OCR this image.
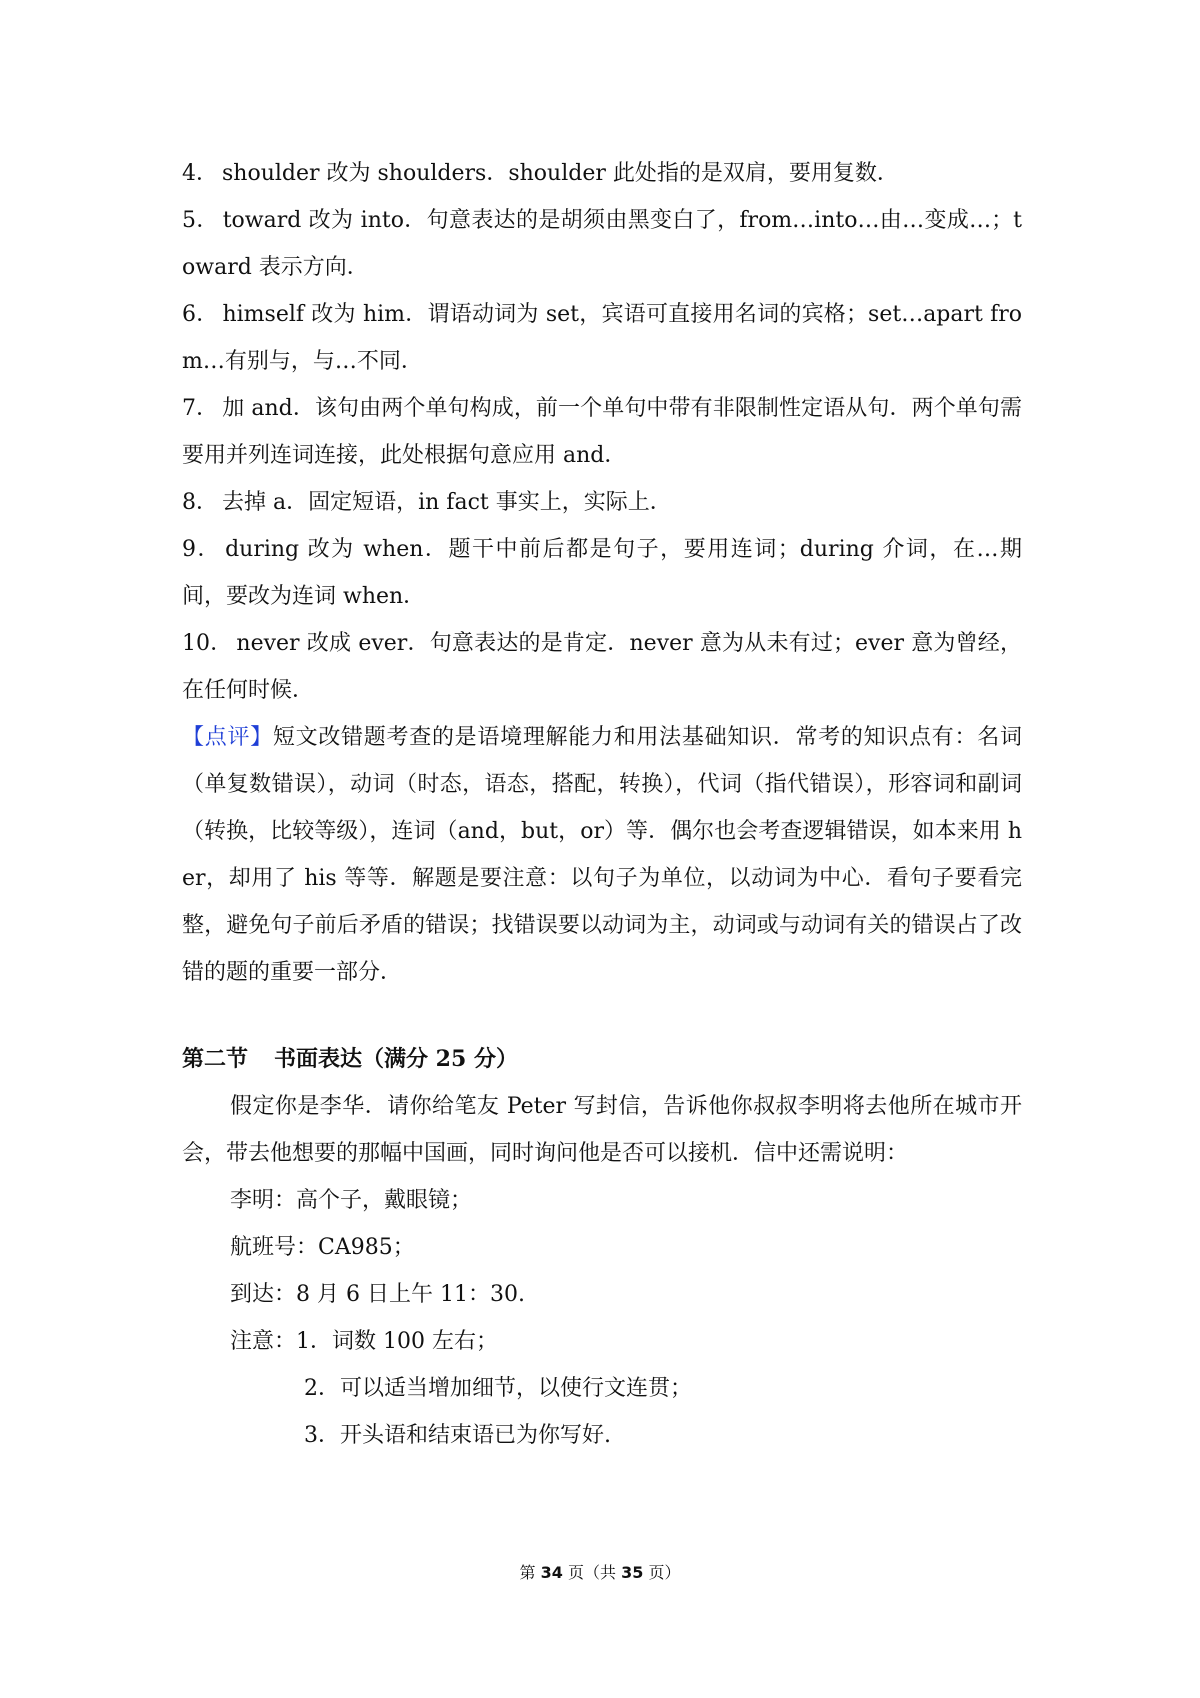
4． shoulder 改为 shoulders．shoulder 此处指的是双肩，要用复数．

5． toward 改为 into．句意表达的是胡须由黑变白了，from…into…由…变成…；toward 表示方向．

6． himself 改为 him．谓语动词为 set，宾语可直接用名词的宾格；set…apart from…有别与，与…不同．

7． 加 and．该句由两个单句构成，前一个单句中带有非限制性定语从句．两个单句需要用并列连词连接，此处根据句意应用 and．

8． 去掉 a．固定短语，in fact 事实上，实际上．

9． during 改为 when．题干中前后都是句子，要用连词；during 介词，在…期间，要改为连词 when．

10． never 改成 ever．句意表达的是肯定．never 意为从未有过；ever 意为曾经，在任何时候．

【点评】短文改错题考查的是语境理解能力和用法基础知识．常考的知识点有：名词（单复数错误），动词（时态，语态，搭配，转换），代词（指代错误），形容词和副词（转换，比较等级），连词（and，but，or）等．偶尔也会考查逻辑错误，如本来用 her，却用了 his 等等．解题是要注意：以句子为单位，以动词为中心．看句子要看完整，避免句子前后矛盾的错误；找错误要以动词为主，动词或与动词有关的错误占了改错的题的重要一部分．

第二节 书面表达（满分 25 分）

假定你是李华．请你给笔友 Peter 写封信，告诉他你叔叔李明将去他所在城市开会，带去他想要的那幅中国画，同时询问他是否可以接机．信中还需说明：

李明：高个子，戴眼镜；

航班号：CA985；

到达：8 月 6 日上午 11：30.

注意：1．词数 100 左右；

2．可以适当增加细节，以使行文连贯；

3．开头语和结束语已为你写好.

第 34 页（共 35 页）
